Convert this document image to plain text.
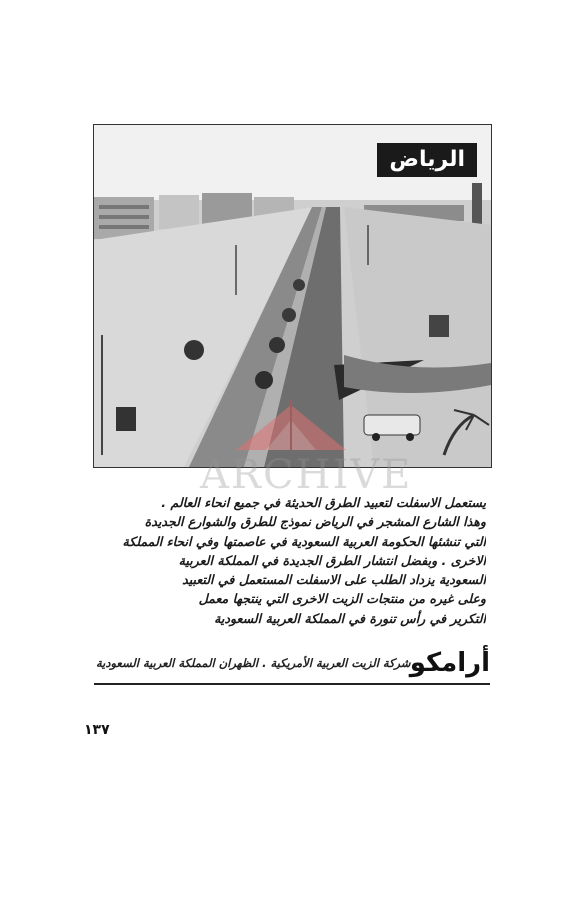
الرياض
ARCHIVE
يستعمل الاسفلت لتعبيد الطرق الحديثة في جميع انحاء العالم .
وهذا الشارع المشجر في الرياض نموذج للطرق والشوارع الجديدة
التي تنشئها الحكومة العربية السعودية في عاصمتها وفي انحاء المملكة
الاخرى . وبفضل انتشار الطرق الجديدة في المملكة العربية
السعودية يزداد الطلب على الاسفلت المستعمل في التعبيد
وعلى غيره من منتجات الزيت الاخرى التي ينتجها معمل
التكرير في رأس تنورة في المملكة العربية السعودية
أرامكو
شركة الزيت العربية الأمريكية . الظهران المملكة العربية السعودية
١٣٧
